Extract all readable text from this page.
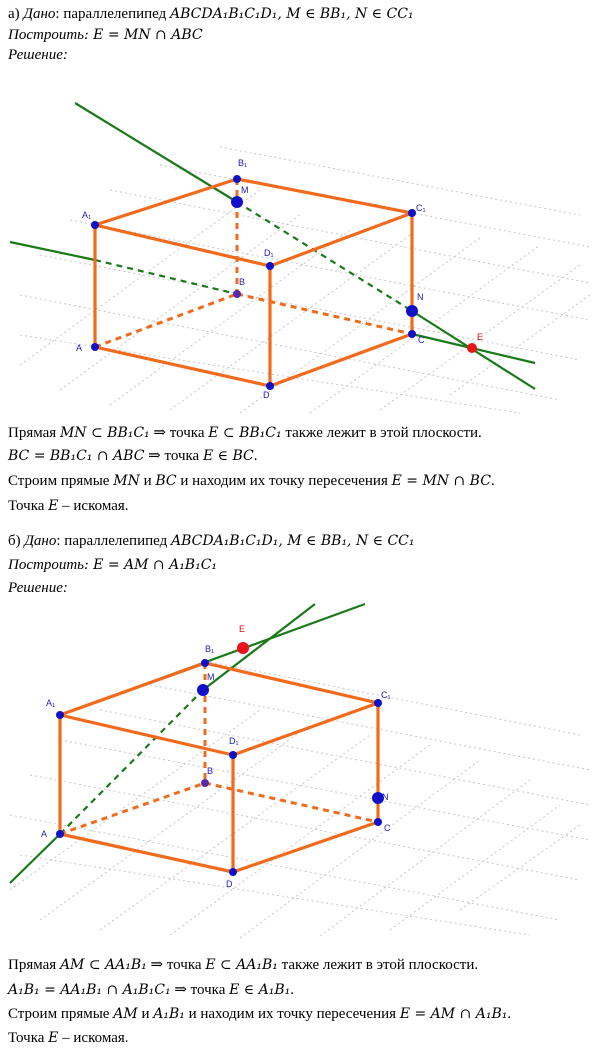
а) Дано: параллелепипед ABCDA₁B₁C₁D₁, M ∈ BB₁, N ∈ CC₁
Построить: E = MN ∩ ABC
Решение:
A
B
C
D
A₁
B₁
C₁
D₁
M
N
E
Прямая MN ⊂ BB₁C₁ ⇒ точка E ⊂ BB₁C₁ также лежит в этой плоскости.
BC = BB₁C₁ ∩ ABC ⇒ точка E ∈ BC.
Строим прямые MN и BC и находим их точку пересечения E = MN ∩ BC.
Точка E – искомая.
б) Дано: параллелепипед ABCDA₁B₁C₁D₁, M ∈ BB₁, N ∈ CC₁
Построить: E = AM ∩ A₁B₁C₁
Решение:
A
B
C
D
A₁
B₁
C₁
D₁
M
N
E
Прямая AM ⊂ AA₁B₁ ⇒ точка E ⊂ AA₁B₁ также лежит в этой плоскости.
A₁B₁ = AA₁B₁ ∩ A₁B₁C₁ ⇒ точка E ∈ A₁B₁.
Строим прямые AM и A₁B₁ и находим их точку пересечения E = AM ∩ A₁B₁.
Точка E – искомая.
